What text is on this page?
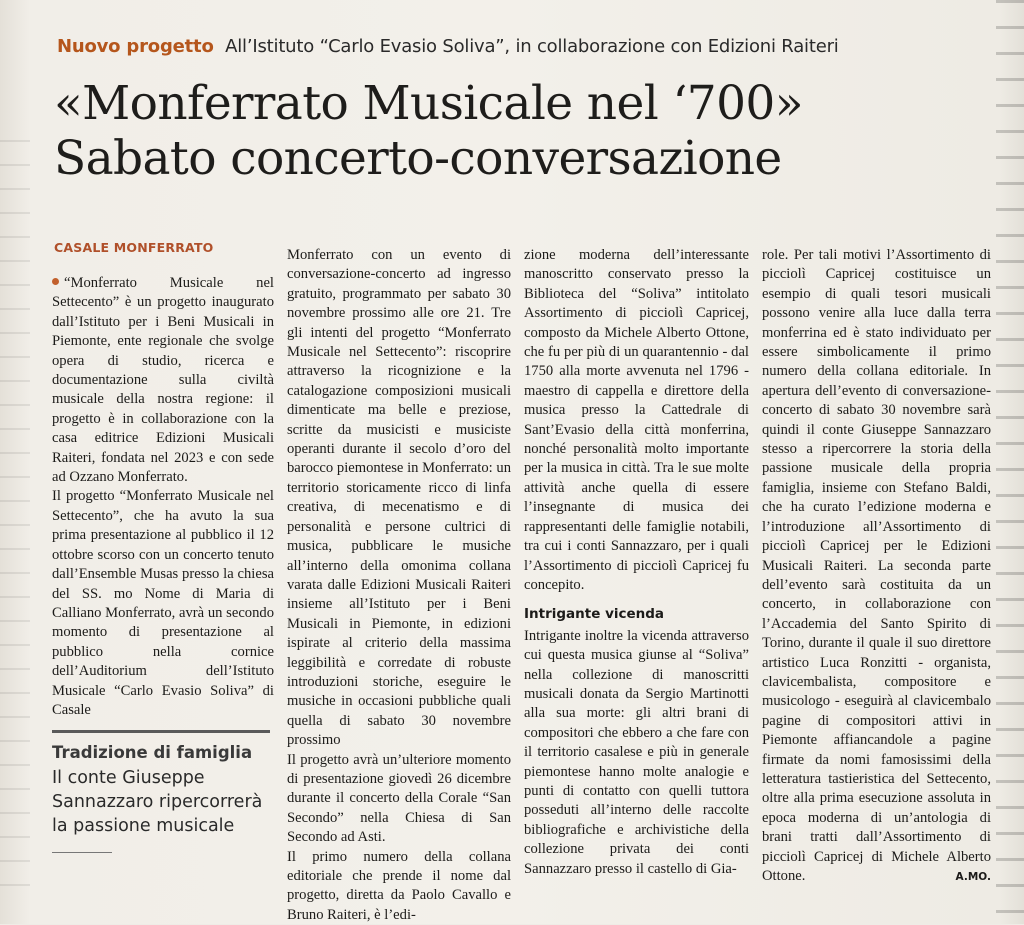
Nuovo progetto All’Istituto “Carlo Evasio Soliva”, in collaborazione con Edizioni Raiteri
«Monferrato Musicale nel ‘700»
Sabato concerto-conversazione
CASALE MONFERRATO

“Monferrato Musicale nel Settecento” è un progetto inaugurato dall’Istituto per i Beni Musicali in Piemonte, ente regionale che svolge opera di studio, ricerca e documentazione sulla civiltà musicale della nostra regione: il progetto è in collaborazione con la casa editrice Edizioni Musicali Raiteri, fondata nel 2023 e con sede ad Ozzano Monferrato.

Il progetto “Monferrato Musicale nel Settecento”, che ha avuto la sua prima presentazione al pubblico il 12 ottobre scorso con un concerto tenuto dall’Ensemble Musas presso la chiesa del SS. mo Nome di Maria di Calliano Monferrato, avrà un secondo momento di presentazione al pubblico nella cornice dell’Auditorium dell’Istituto Musicale “Carlo Evasio Soliva” di Casale

Monferrato con un evento di conversazione-concerto ad ingresso gratuito, programmato per sabato 30 novembre prossimo alle ore 21. Tre gli intenti del progetto “Monferrato Musicale nel Settecento”: riscoprire attraverso la ricognizione e la catalogazione composizioni musicali dimenticate ma belle e preziose, scritte da musicisti e musiciste operanti durante il secolo d’oro del barocco piemontese in Monferrato: un territorio storicamente ricco di linfa creativa, di mecenatismo e di personalità e persone cultrici di musica, pubblicare le musiche all’interno della omonima collana varata dalle Edizioni Musicali Raiteri insieme all’Istituto per i Beni Musicali in Piemonte, in edizioni ispirate al criterio della massima leggibilità e corredate di robuste introduzioni storiche, eseguire le musiche in occasioni pubbliche quali quella di sabato 30 novembre prossimo

Il progetto avrà un’ulteriore momento di presentazione giovedì 26 dicembre durante il concerto della Corale “San Secondo” nella Chiesa di San Secondo ad Asti.

Il primo numero della collana editoriale che prende il nome dal progetto, diretta da Paolo Cavallo e Bruno Raiteri, è l’edi-

zione moderna dell’interessante manoscritto conservato presso la Biblioteca del “Soliva” intitolato Assortimento di picciolì Capricej, composto da Michele Alberto Ottone, che fu per più di un quarantennio - dal 1750 alla morte avvenuta nel 1796 - maestro di cappella e direttore della musica presso la Cattedrale di Sant’Evasio della città monferrina, nonché personalità molto importante per la musica in città. Tra le sue molte attività anche quella di essere l’insegnante di musica dei rappresentanti delle famiglie notabili, tra cui i conti Sannazzaro, per i quali l’Assortimento di picciolì Capricej fu concepito.

Intrigante vicenda

Intrigante inoltre la vicenda attraverso cui questa musica giunse al “Soliva” nella collezione di manoscritti musicali donata da Sergio Martinotti alla sua morte: gli altri brani di compositori che ebbero a che fare con il territorio casalese e più in generale piemontese hanno molte analogie e punti di contatto con quelli tuttora posseduti all’interno delle raccolte bibliografiche e archivistiche della collezione privata dei conti Sannazzaro presso il castello di Gia-

role. Per tali motivi l’Assortimento di picciolì Capricej costituisce un esempio di quali tesori musicali possono venire alla luce dalla terra monferrina ed è stato individuato per essere simbolicamente il primo numero della collana editoriale. In apertura dell’evento di conversazione-concerto di sabato 30 novembre sarà quindi il conte Giuseppe Sannazzaro stesso a ripercorrere la storia della passione musicale della propria famiglia, insieme con Stefano Baldi, che ha curato l’edizione moderna e l’introduzione all’Assortimento di picciolì Capricej per le Edizioni Musicali Raiteri. La seconda parte dell’evento sarà costituita da un concerto, in collaborazione con l’Accademia del Santo Spirito di Torino, durante il quale il suo direttore artistico Luca Ronzitti - organista, clavicembalista, compositore e musicologo - eseguirà al clavicembalo pagine di compositori attivi in Piemonte affiancandole a pagine firmate da nomi famosissimi della letteratura tastieristica del Settecento, oltre alla prima esecuzione assoluta in epoca moderna di un’antologia di brani tratti dall’Assortimento di picciolì Capricej di Michele Alberto Ottone.	A.MO.
Tradizione di famiglia
Il conte Giuseppe Sannazzaro ripercorrerà la passione musicale
